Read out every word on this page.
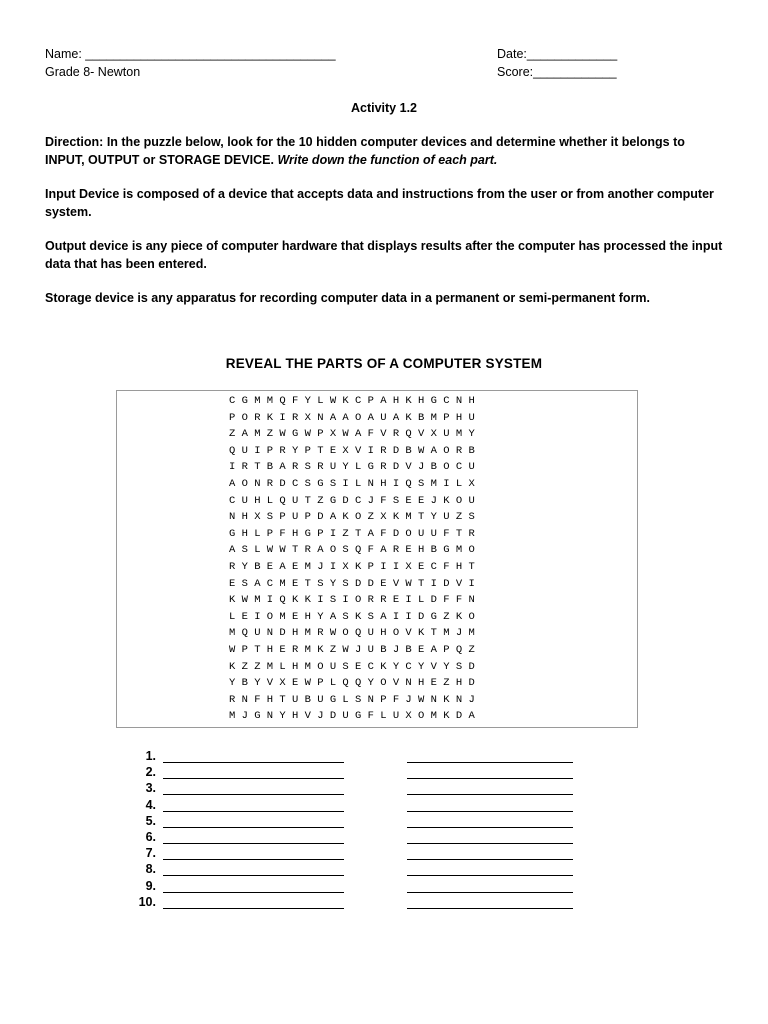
Name: ____________________________________
Grade 8- Newton
Date:_____________
Score:____________
Activity 1.2
Direction: In the puzzle below, look for the 10 hidden computer devices and determine whether it belongs to INPUT, OUTPUT or STORAGE DEVICE. Write down the function of each part.
Input Device is composed of a device that accepts data and instructions from the user or from another computer system.
Output device is any piece of computer hardware that displays results after the computer has processed the input data that has been entered.
Storage device is any apparatus for recording computer data in a permanent or semi-permanent form.
REVEAL THE PARTS OF A COMPUTER SYSTEM
C G M M Q F Y L W K C P A H K H G C N H
P O R K I R X N A A O A U A K B M P H U
Z A M Z W G W P X W A F V R Q V X U M Y
Q U I P R Y P T E X V I R D B W A O R B
I R T B A R S R U Y L G R D V J B O C U
A O N R D C S G S I L N H I Q S M I L X
C U H L Q U T Z G D C J F S E E J K O U
N H X S P U P D A K O Z X K M T Y U Z S
G H L P F H G P I Z T A F D O U U F T R
A S L W W T R A O S Q F A R E H B G M O
R Y B E A E M J I X K P I I X E C F H T
E S A C M E T S Y S D D E V W T I D V I
K W M I Q K K I S I O R R E I L D F F N
L E I O M E H Y A S K S A I I D G Z K O
M Q U N D H M R W O Q U H O V K T M J M
W P T H E R M K Z W J U B J B E A P Q Z
K Z Z M L H M O U S E C K Y C Y V Y S D
Y B Y V X E W P L Q Q Y O V N H E Z H D
R N F H T U B U G L S N P F J W N K N J
M J G N Y H V J D U G F L U X O M K D A
1.
2.
3.
4.
5.
6.
7.
8.
9.
10.
